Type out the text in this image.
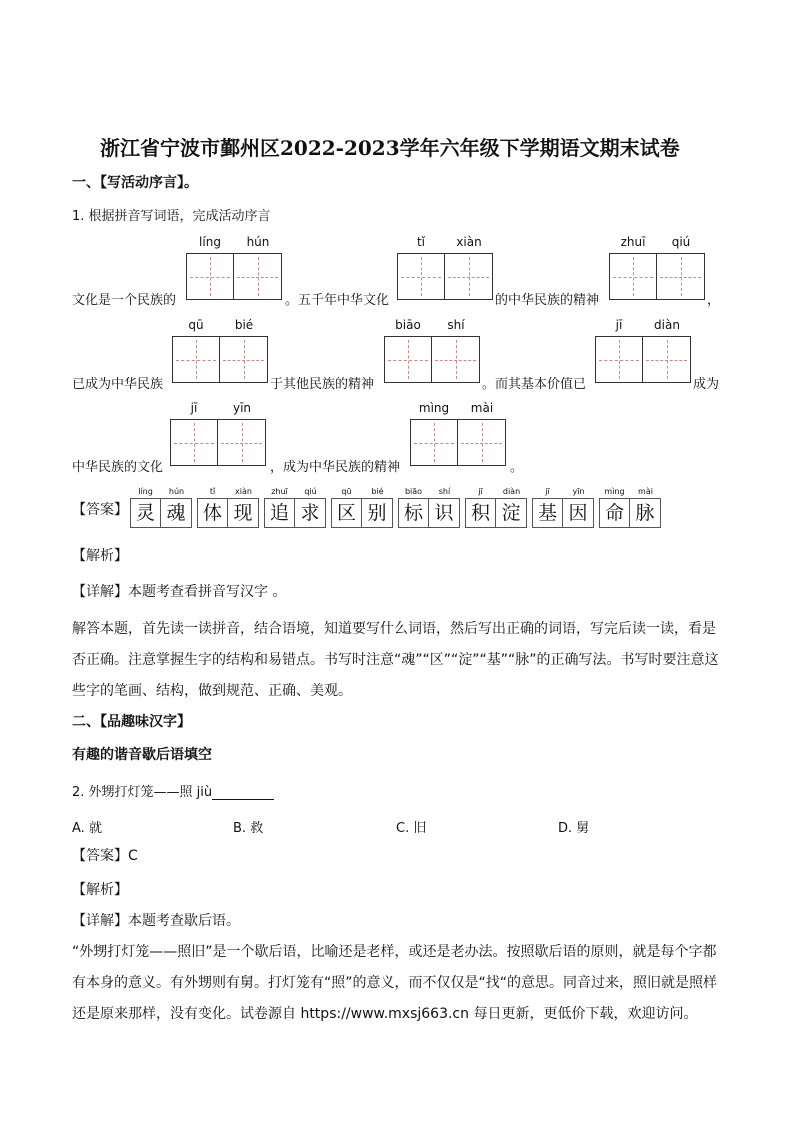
浙江省宁波市鄞州区2022-2023学年六年级下学期语文期末试卷
一、【写活动序言】。
1. 根据拼音写词语，完成活动序言
líng	hún	tǐ	xiàn	zhuī	qiú
文化是一个民族的	。五千年中华文化	的中华民族的精神	，
qū	bié	biāo	shí	jī	diàn
已成为中华民族	于其他民族的精神	。而其基本价值已	成为
jī	yīn	mìng	mài
中华民族的文化	，成为中华民族的精神	。
【答案】
líng	hún
灵 魂
tǐ	xiàn
体 现
zhuī	qiú
追 求
qū	bié
区 别
biāo	shí
标 识
jī	diàn
积 淀
jī	yīn
基 因
mìng	mài
命 脉
【解析】
【详解】本题考查看拼音写汉字 。
解答本题，首先读一读拼音，结合语境，知道要写什么词语，然后写出正确的词语，写完后读一读，看是否正确。注意掌握生字的结构和易错点。书写时注意“魂”“区”“淀”“基”“脉”的正确写法。书写时要注意这些字的笔画、结构，做到规范、正确、美观。
二、【品趣味汉字】
有趣的谐音歇后语填空
2. 外甥打灯笼——照 jiù
A. 就	B. 救	C. 旧	D. 舅
【答案】C
【解析】
【详解】本题考查歇后语。
“外甥打灯笼——照旧”是一个歇后语，比喻还是老样，或还是老办法。按照歇后语的原则，就是每个字都有本身的意义。有外甥则有舅。打灯笼有“照”的意义，而不仅仅是“找“的意思。同音过来，照旧就是照样还是原来那样，没有变化。试卷源自 https://www.mxsj663.cn 每日更新，更低价下载，欢迎访问。
